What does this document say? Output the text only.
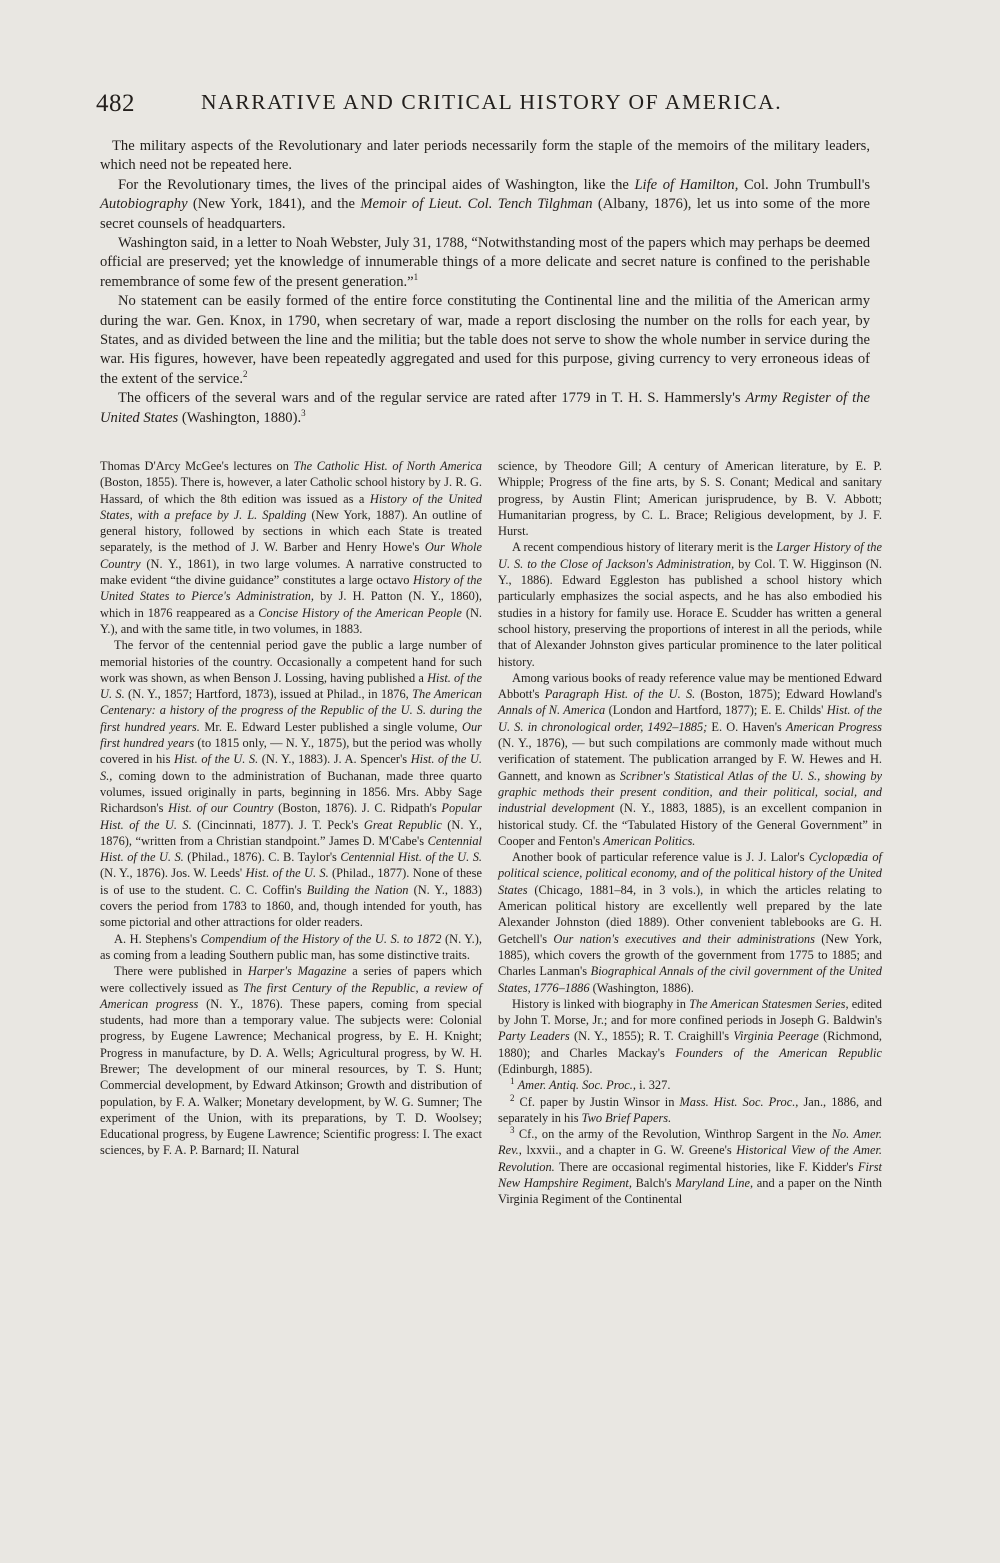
482	NARRATIVE AND CRITICAL HISTORY OF AMERICA.

The military aspects of the Revolutionary and later periods necessarily form the staple of the memoirs of the military leaders, which need not be repeated here.

For the Revolutionary times, the lives of the principal aides of Washington, like the Life of Hamilton, Col. John Trumbull's Autobiography (New York, 1841), and the Memoir of Lieut. Col. Tench Tilghman (Albany, 1876), let us into some of the more secret counsels of headquarters.

Washington said, in a letter to Noah Webster, July 31, 1788, “Notwithstanding most of the papers which may perhaps be deemed official are preserved; yet the knowledge of innumerable things of a more delicate and secret nature is confined to the perishable remembrance of some few of the present generation.”$^1$

No statement can be easily formed of the entire force constituting the Continental line and the militia of the American army during the war. Gen. Knox, in 1790, when secretary of war, made a report disclosing the number on the rolls for each year, by States, and as divided between the line and the militia; but the table does not serve to show the whole number in service during the war. His figures, however, have been repeatedly aggregated and used for this purpose, giving currency to very erroneous ideas of the extent of the service.$^2$

The officers of the several wars and of the regular service are rated after 1779 in T. H. S. Hammersly's Army Register of the United States (Washington, 1880).$^3$

Thomas D'Arcy McGee's lectures on The Catholic Hist. of North America (Boston, 1855). There is, however, a later Catholic school history by J. R. G. Hassard, of which the 8th edition was issued as a History of the United States, with a preface by J. L. Spalding (New York, 1887). An outline of general history, followed by sections in which each State is treated separately, is the method of J. W. Barber and Henry Howe's Our Whole Country (N. Y., 1861), in two large volumes. A narrative constructed to make evident “the divine guidance” constitutes a large octavo History of the United States to Pierce's Administration, by J. H. Patton (N. Y., 1860), which in 1876 reappeared as a Concise History of the American People (N. Y.), and with the same title, in two volumes, in 1883.

The fervor of the centennial period gave the public a large number of memorial histories of the country. Occasionally a competent hand for such work was shown, as when Benson J. Lossing, having published a Hist. of the U. S. (N. Y., 1857; Hartford, 1873), issued at Philad., in 1876, The American Centenary: a history of the progress of the Republic of the U. S. during the first hundred years. Mr. E. Edward Lester published a single volume, Our first hundred years (to 1815 only, — N. Y., 1875), but the period was wholly covered in his Hist. of the U. S. (N. Y., 1883). J. A. Spencer's Hist. of the U. S., coming down to the administration of Buchanan, made three quarto volumes, issued originally in parts, beginning in 1856. Mrs. Abby Sage Richardson's Hist. of our Country (Boston, 1876). J. C. Ridpath's Popular Hist. of the U. S. (Cincinnati, 1877). J. T. Peck's Great Republic (N. Y., 1876), “written from a Christian standpoint.” James D. M'Cabe's Centennial Hist. of the U. S. (Philad., 1876). C. B. Taylor's Centennial Hist. of the U. S. (N. Y., 1876). Jos. W. Leeds' Hist. of the U. S. (Philad., 1877). None of these is of use to the student. C. C. Coffin's Building the Nation (N. Y., 1883) covers the period from 1783 to 1860, and, though intended for youth, has some pictorial and other attractions for older readers.

A. H. Stephens's Compendium of the History of the U. S. to 1872 (N. Y.), as coming from a leading Southern public man, has some distinctive traits.

There were published in Harper's Magazine a series of papers which were collectively issued as The first Century of the Republic, a review of American progress (N. Y., 1876). These papers, coming from special students, had more than a temporary value. The subjects were: Colonial progress, by Eugene Lawrence; Mechanical progress, by E. H. Knight; Progress in manufacture, by D. A. Wells; Agricultural progress, by W. H. Brewer; The development of our mineral resources, by T. S. Hunt; Commercial development, by Edward Atkinson; Growth and distribution of population, by F. A. Walker; Monetary development, by W. G. Sumner; The experiment of the Union, with its preparations, by T. D. Woolsey; Educational progress, by Eugene Lawrence; Scientific progress: I. The exact sciences, by F. A. P. Barnard; II. Natural

science, by Theodore Gill; A century of American literature, by E. P. Whipple; Progress of the fine arts, by S. S. Conant; Medical and sanitary progress, by Austin Flint; American jurisprudence, by B. V. Abbott; Humanitarian progress, by C. L. Brace; Religious development, by J. F. Hurst.

A recent compendious history of literary merit is the Larger History of the U. S. to the Close of Jackson's Administration, by Col. T. W. Higginson (N. Y., 1886). Edward Eggleston has published a school history which particularly emphasizes the social aspects, and he has also embodied his studies in a history for family use. Horace E. Scudder has written a general school history, preserving the proportions of interest in all the periods, while that of Alexander Johnston gives particular prominence to the later political history.

Among various books of ready reference value may be mentioned Edward Abbott's Paragraph Hist. of the U. S. (Boston, 1875); Edward Howland's Annals of N. America (London and Hartford, 1877); E. E. Childs' Hist. of the U. S. in chronological order, 1492–1885; E. O. Haven's American Progress (N. Y., 1876), — but such compilations are commonly made without much verification of statement. The publication arranged by F. W. Hewes and H. Gannett, and known as Scribner's Statistical Atlas of the U. S., showing by graphic methods their present condition, and their political, social, and industrial development (N. Y., 1883, 1885), is an excellent companion in historical study. Cf. the “Tabulated History of the General Government” in Cooper and Fenton's American Politics.

Another book of particular reference value is J. J. Lalor's Cyclopædia of political science, political economy, and of the political history of the United States (Chicago, 1881–84, in 3 vols.), in which the articles relating to American political history are excellently well prepared by the late Alexander Johnston (died 1889). Other convenient tablebooks are G. H. Getchell's Our nation's executives and their administrations (New York, 1885), which covers the growth of the government from 1775 to 1885; and Charles Lanman's Biographical Annals of the civil government of the United States, 1776–1886 (Washington, 1886).

History is linked with biography in The American Statesmen Series, edited by John T. Morse, Jr.; and for more confined periods in Joseph G. Baldwin's Party Leaders (N. Y., 1855); R. T. Craighill's Virginia Peerage (Richmond, 1880); and Charles Mackay's Founders of the American Republic (Edinburgh, 1885).

$^1$ Amer. Antiq. Soc. Proc., i. 327.

$^2$ Cf. paper by Justin Winsor in Mass. Hist. Soc. Proc., Jan., 1886, and separately in his Two Brief Papers.

$^3$ Cf., on the army of the Revolution, Winthrop Sargent in the No. Amer. Rev., lxxvii., and a chapter in G. W. Greene's Historical View of the Amer. Revolution. There are occasional regimental histories, like F. Kidder's First New Hampshire Regiment, Balch's Maryland Line, and a paper on the Ninth Virginia Regiment of the Continental
